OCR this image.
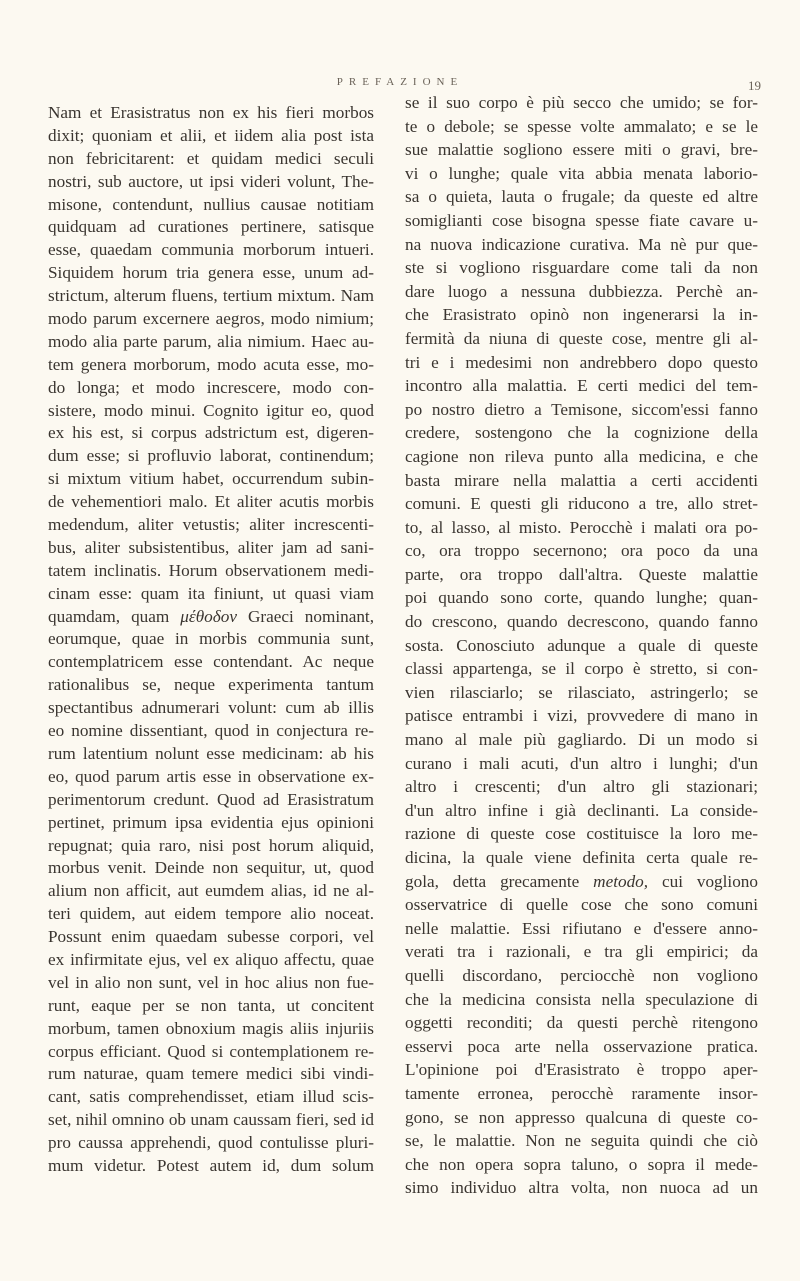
PREFAZIONE	19
Nam et Erasistratus non ex his fieri morbos
dixit; quoniam et alii, et iidem alia post ista
non febricitarent: et quidam medici seculi
nostri, sub auctore, ut ipsi videri volunt, The-
misone, contendunt, nullius causae notitiam
quidquam ad curationes pertinere, satisque
esse, quaedam communia morborum intueri.
Siquidem horum tria genera esse, unum ad-
strictum, alterum fluens, tertium mixtum. Nam
modo parum excernere aegros, modo nimium;
modo alia parte parum, alia nimium. Haec au-
tem genera morborum, modo acuta esse, mo-
do longa; et modo increscere, modo con-
sistere, modo minui. Cognito igitur eo, quod
ex his est, si corpus adstrictum est, digeren-
dum esse; si profluvio laborat, continendum;
si mixtum vitium habet, occurrendum subin-
de vehementiori malo. Et aliter acutis morbis
medendum, aliter vetustis; aliter increscenti-
bus, aliter subsistentibus, aliter jam ad sani-
tatem inclinatis. Horum observationem medi-
cinam esse: quam ita finiunt, ut quasi viam
quamdam, quam μέθοδον Graeci nominant,
eorumque, quae in morbis communia sunt,
contemplatricem esse contendant. Ac neque
rationalibus se, neque experimenta tantum
spectantibus adnumerari volunt: cum ab illis
eo nomine dissentiant, quod in conjectura re-
rum latentium nolunt esse medicinam: ab his
eo, quod parum artis esse in observatione ex-
perimentorum credunt. Quod ad Erasistratum
pertinet, primum ipsa evidentia ejus opinioni
repugnat; quia raro, nisi post horum aliquid,
morbus venit. Deinde non sequitur, ut, quod
alium non afficit, aut eumdem alias, id ne al-
teri quidem, aut eidem tempore alio noceat.
Possunt enim quaedam subesse corpori, vel
ex infirmitate ejus, vel ex aliquo affectu, quae
vel in alio non sunt, vel in hoc alius non fue-
runt, eaque per se non tanta, ut concitent
morbum, tamen obnoxium magis aliis injuriis
corpus efficiant. Quod si contemplationem re-
rum naturae, quam temere medici sibi vindi-
cant, satis comprehendisset, etiam illud scis-
set, nihil omnino ob unam caussam fieri, sed id
pro caussa apprehendi, quod contulisse pluri-
mum videtur. Potest autem id, dum solum
se il suo corpo è più secco che umido; se for-
te o debole; se spesse volte ammalato; e se le
sue malattie sogliono essere miti o gravi, bre-
vi o lunghe; quale vita abbia menata laborio-
sa o quieta, lauta o frugale; da queste ed altre
somiglianti cose bisogna spesse fiate cavare u-
na nuova indicazione curativa. Ma nè pur que-
ste si vogliono risguardare come tali da non
dare luogo a nessuna dubbiezza. Perchè an-
che Erasistrato opinò non ingenerarsi la in-
fermità da niuna di queste cose, mentre gli al-
tri e i medesimi non andrebbero dopo questo
incontro alla malattia. E certi medici del tem-
po nostro dietro a Temisone, siccom'essi fanno
credere, sostengono che la cognizione della
cagione non rileva punto alla medicina, e che
basta mirare nella malattia a certi accidenti
comuni. E questi gli riducono a tre, allo stret-
to, al lasso, al misto. Perocchè i malati ora po-
co, ora troppo secernono; ora poco da una
parte, ora troppo dall'altra. Queste malattie
poi quando sono corte, quando lunghe; quan-
do crescono, quando decrescono, quando fanno
sosta. Conosciuto adunque a quale di queste
classi appartenga, se il corpo è stretto, si con-
vien rilasciarlo; se rilasciato, astringerlo; se
patisce entrambi i vizi, provvedere di mano in
mano al male più gagliardo. Di un modo si
curano i mali acuti, d'un altro i lunghi; d'un
altro i crescenti; d'un altro gli stazionari;
d'un altro infine i già declinanti. La conside-
razione di queste cose costituisce la loro me-
dicina, la quale viene definita certa quale re-
gola, detta grecamente metodo, cui vogliono
osservatrice di quelle cose che sono comuni
nelle malattie. Essi rifiutano e d'essere anno-
verati tra i razionali, e tra gli empirici; da
quelli discordano, perciocchè non vogliono
che la medicina consista nella speculazione di
oggetti reconditi; da questi perchè ritengono
esservi poca arte nella osservazione pratica.
L'opinione poi d'Erasistrato è troppo aper-
tamente erronea, perocchè raramente insor-
gono, se non appresso qualcuna di queste co-
se, le malattie. Non ne seguita quindi che ciò
che non opera sopra taluno, o sopra il mede-
simo individuo altra volta, non nuoca ad un
